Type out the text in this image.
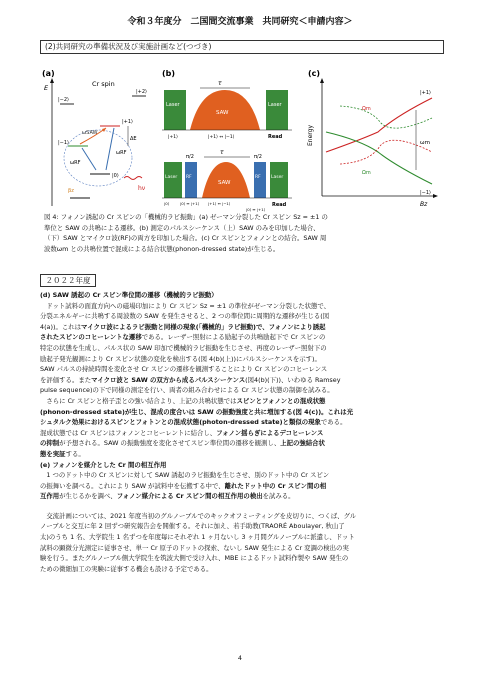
令和３年度分　二国間交流事業　共同研究＜申請内容＞
(2)共同研究の準備状況及び実施計画など(つづき)
(a)
E	Cr spin
|−2⟩
|+2⟩
|+1⟩
|−1⟩
|0⟩
ωSAW
ωRF
ωRF
ΔE
βz	hν
(b)
τ
Laser
SAW
Laser
|+1⟩	|+1⟩ ↔ |−1⟩	Read
τ
π/2	π/2
Laser RF
SAW
RF Laser
|0⟩	|0⟩ ↔ |+1⟩ |+1⟩ ↔ |−1⟩
|0⟩ ↔ |+1⟩
Read
(c)
Energy
Bz
|+1⟩
|−1⟩
Ωm
Ωm
ωm
図 4: フォノン誘起の Cr スピンの「機械的ラビ振動」(a) ゼーマン分裂した Cr スピン Sz = ±1 の
準位と SAW の共鳴による遷移。(b) 測定のパルスシーケンス（上）SAW のみを印加した場合、
（下）SAW とマイクロ波(RF)の両方を印加した場合。(c) Cr スピンとフォノンとの結合。SAW 周
波数ωm との共鳴位置で混成による結合状態(phonon-dressed state)が生じる。
２０２２年度

(d) SAW 誘起の Cr スピン準位間の遷移（機械的ラビ振動）

ドット試料の面直方向への磁場印加により Cr スピン Sz = ±1 の準位がゼーマン分裂した状態で、

分裂エネルギーに共鳴する周波数の SAW を発生させると、2 つの準位間に周期的な遷移が生じる(図

4(a))。これはマイクロ波によるラビ振動と同様の現象(「機械的」ラビ振動)で、フォノンにより誘起

されたスピンのコヒーレントな遷移である。レーザー照射による励起子の共鳴励起下で Cr スピンの

特定の状態を生成し、パルス状の SAW 印加で機械的ラビ振動を生じさせ、再度のレーザー照射下の

励起子発光観測により Cr スピン状態の変化を検出する(図 4(b)(上))にパルスシーケンスを示す)。

SAW パルスの持続時間を変化させ Cr スピンの遷移を観測することにより Cr スピンのコヒーレンス

を評価する。またマイクロ波と SAW の双方から成るパルスシーケンス(図4(b)(下))、いわゆる Ramsey

pulse sequence)の下で同様の測定を行い、両者の組み合わせによる Cr スピン状態の制御を試みる。

さらに Cr スピンと格子歪との強い結合より、上記の共鳴状態ではスピンとフォノンとの混成状態

(phonon-dressed state)が生じ、混成の度合いは SAW の振動強度と共に増加する(図 4(c))。これは光

シュタルク効果におけるスピンとフォトンとの混成状態(photon-dressed state)と類似の現象である。

混成状態では Cr スピンはフォノンとコヒーレントに結合し、フォノン揺らぎによるデコヒーレンス

の抑制が予想される。SAW の振動強度を変化させてスピン準位間の遷移を観測し、上記の強結合状

態を実証する。

(e) フォノンを媒介とした Cr 間の相互作用

1 つのドット中の Cr スピンに対して SAW 誘起のラビ振動を生じさせ、別のドット中の Cr スピン

の振舞いを調べる。これにより SAW が試料中を伝搬する中で、離れたドット中の Cr スピン間の相

互作用が生じるかを調べ、フォノン媒介による Cr スピン間の相互作用の検出を試みる。

交流計画については、2021 年度当初のグルノーブルでのキックオフミーティングを皮切りに、つくば、グル

ノーブルと交互に年 2 回ずつ研究報告会を開催する。それに加え、若手助教(TRAORÉ Aboulayer, 秋山了

太)のうち 1 名、大学院生 1 名ずつを年度毎にそれぞれ 1 ヶ月ないし 3 ヶ月間グルノーブルに派遣し、ドット

試料の顕微分光測定に従事させ、単一 Cr 原子のドットの探索、ないし SAW 発生による Cr 変調の検出の実

験を行う。またグルノーブル側大学院生を筑波大側で受け入れ、MBE によるドット試料作製や SAW 発生の

ための微細加工の実験に従事する機会も設ける予定である。

4
